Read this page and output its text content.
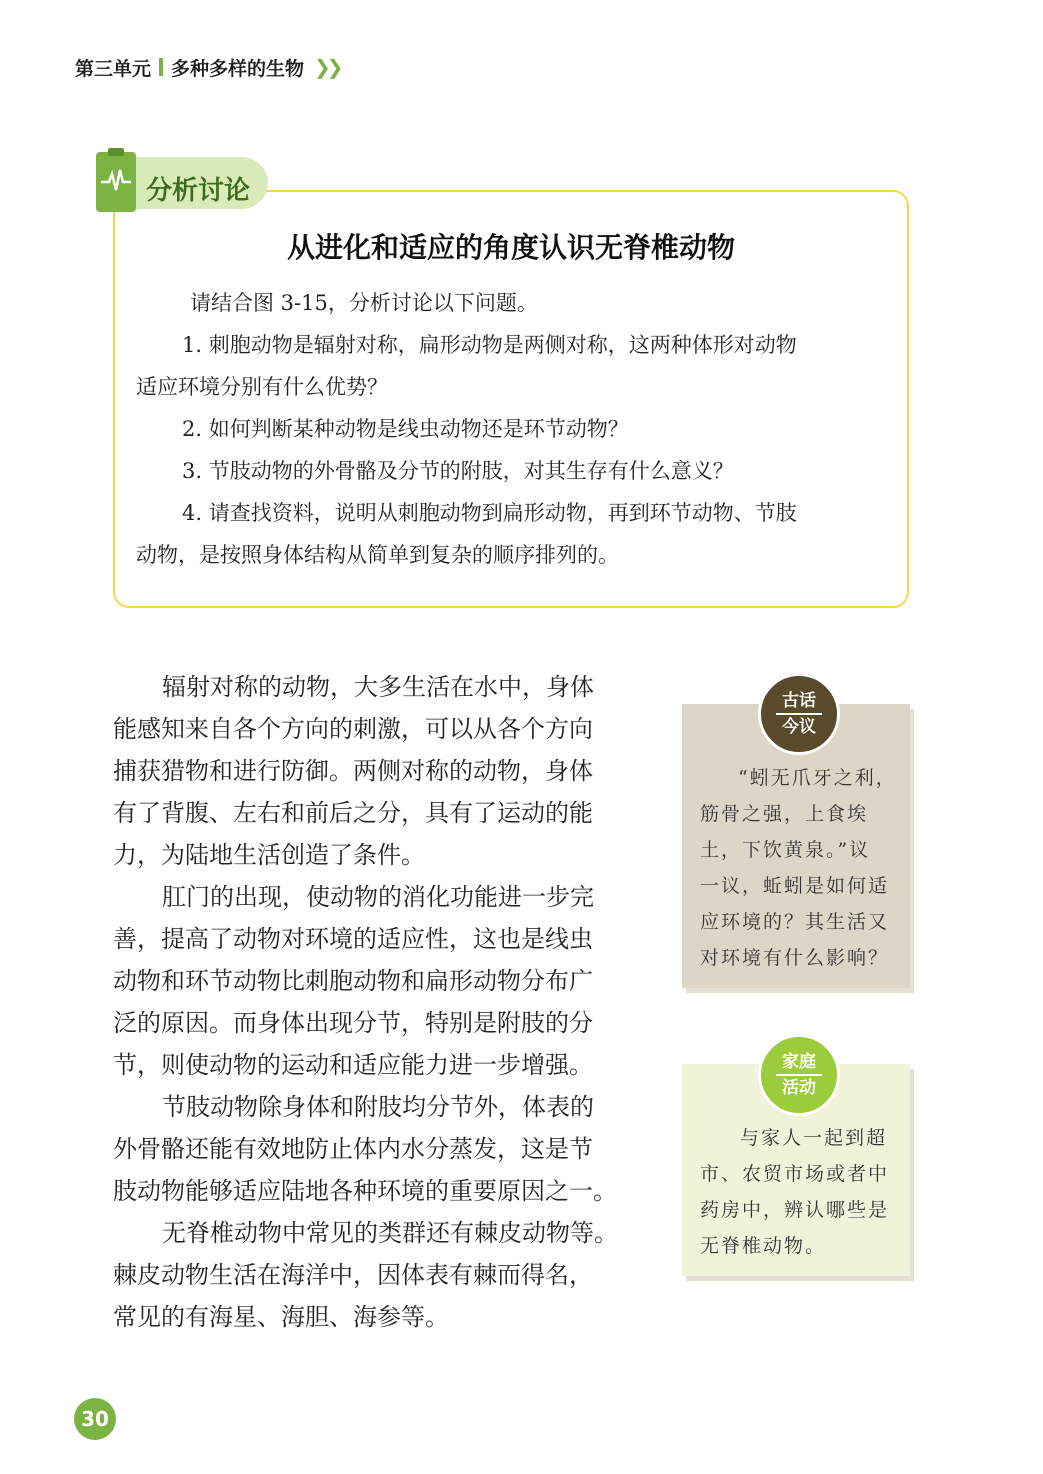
第三单元 多种多样的生物 ❯❯
分析讨论
从进化和适应的角度认识无脊椎动物
请结合图 3-15，分析讨论以下问题。
1. 刺胞动物是辐射对称，扁形动物是两侧对称，这两种体形对动物
适应环境分别有什么优势？
2. 如何判断某种动物是线虫动物还是环节动物？
3. 节肢动物的外骨骼及分节的附肢，对其生存有什么意义？
4. 请查找资料，说明从刺胞动物到扁形动物，再到环节动物、节肢
动物，是按照身体结构从简单到复杂的顺序排列的。
辐射对称的动物，大多生活在水中，身体
能感知来自各个方向的刺激，可以从各个方向
捕获猎物和进行防御。两侧对称的动物，身体
有了背腹、左右和前后之分，具有了运动的能
力，为陆地生活创造了条件。
肛门的出现，使动物的消化功能进一步完
善，提高了动物对环境的适应性，这也是线虫
动物和环节动物比刺胞动物和扁形动物分布广
泛的原因。而身体出现分节，特别是附肢的分
节，则使动物的运动和适应能力进一步增强。
节肢动物除身体和附肢均分节外，体表的
外骨骼还能有效地防止体内水分蒸发，这是节
肢动物能够适应陆地各种环境的重要原因之一。
无脊椎动物中常见的类群还有棘皮动物等。
棘皮动物生活在海洋中，因体表有棘而得名，
常见的有海星、海胆、海参等。
古话
今议
“蚓无爪牙之利，
筋骨之强，上食埃
土，下饮黄泉。”议
一议，蚯蚓是如何适
应环境的？其生活又
对环境有什么影响？
家庭
活动
与家人一起到超
市、农贸市场或者中
药房中，辨认哪些是
无脊椎动物。
30
